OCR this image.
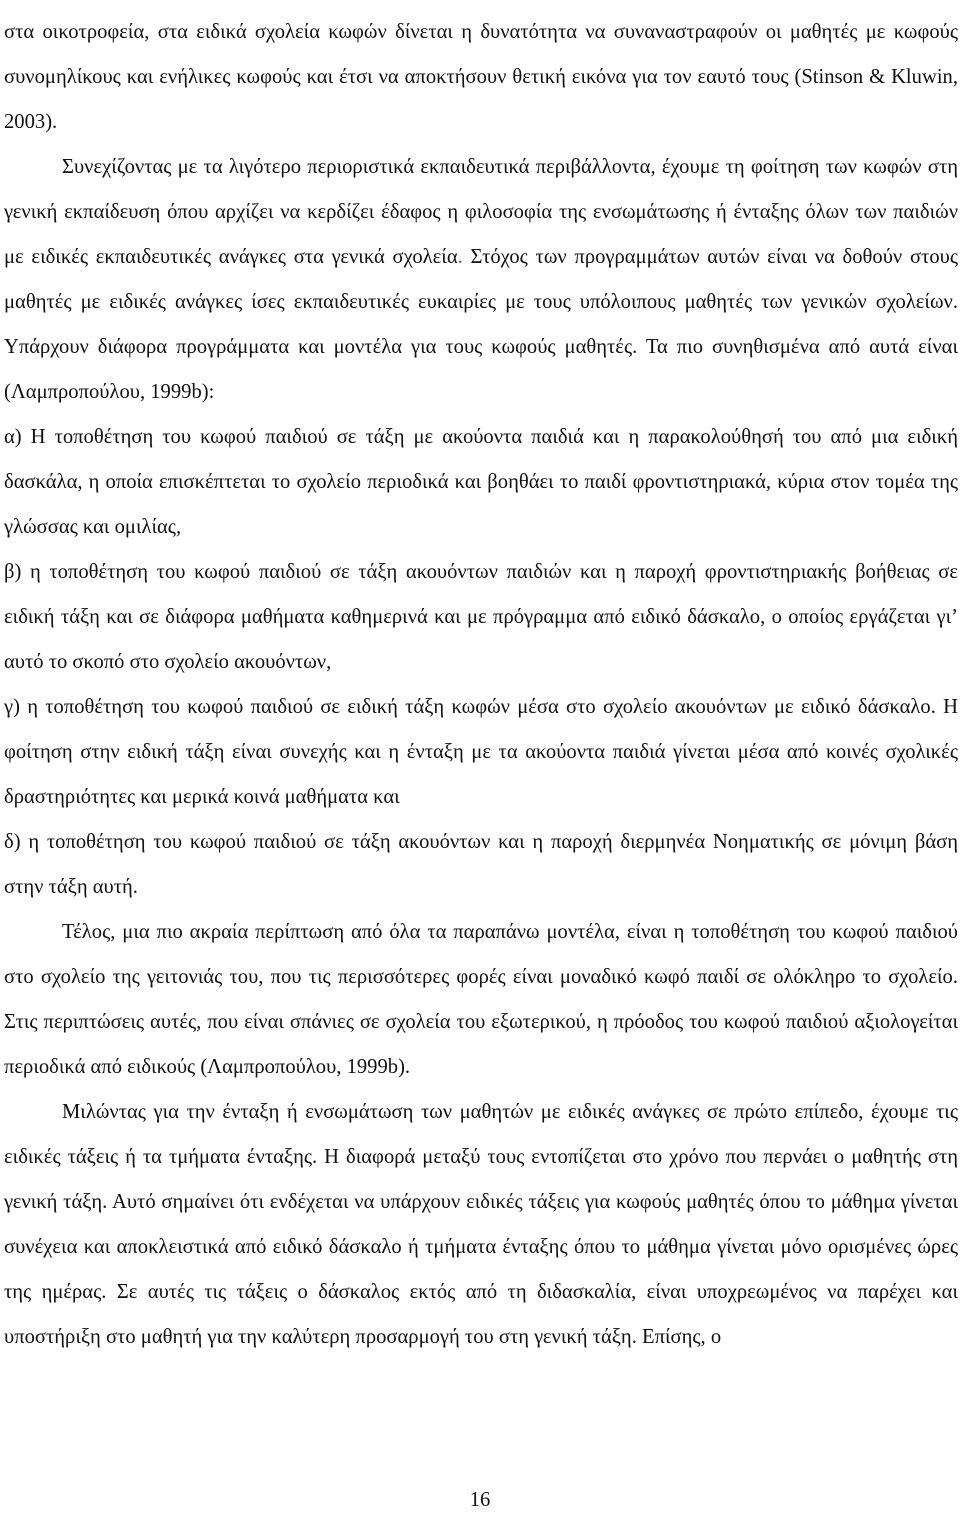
στα οικοτροφεία, στα ειδικά σχολεία κωφών δίνεται η δυνατότητα να συναναστραφούν οι μαθητές με κωφούς συνομηλίκους και ενήλικες κωφούς και έτσι να αποκτήσουν θετική εικόνα για τον εαυτό τους (Stinson & Kluwin, 2003).

Συνεχίζοντας με τα λιγότερο περιοριστικά εκπαιδευτικά περιβάλλοντα, έχουμε τη φοίτηση των κωφών στη γενική εκπαίδευση όπου αρχίζει να κερδίζει έδαφος η φιλοσοφία της ενσωμάτωσης ή ένταξης όλων των παιδιών με ειδικές εκπαιδευτικές ανάγκες στα γενικά σχολεία. Στόχος των προγραμμάτων αυτών είναι να δοθούν στους μαθητές με ειδικές ανάγκες ίσες εκπαιδευτικές ευκαιρίες με τους υπόλοιπους μαθητές των γενικών σχολείων. Υπάρχουν διάφορα προγράμματα και μοντέλα για τους κωφούς μαθητές. Τα πιο συνηθισμένα από αυτά είναι (Λαμπροπούλου, 1999b):

α) Η τοποθέτηση του κωφού παιδιού σε τάξη με ακούοντα παιδιά και η παρακολούθησή του από μια ειδική δασκάλα, η οποία επισκέπτεται το σχολείο περιοδικά και βοηθάει το παιδί φροντιστηριακά, κύρια στον τομέα της γλώσσας και ομιλίας,

β) η τοποθέτηση του κωφού παιδιού σε τάξη ακουόντων παιδιών και η παροχή φροντιστηριακής βοήθειας σε ειδική τάξη και σε διάφορα μαθήματα καθημερινά και με πρόγραμμα από ειδικό δάσκαλο, ο οποίος εργάζεται γι’ αυτό το σκοπό στο σχολείο ακουόντων,

γ) η τοποθέτηση του κωφού παιδιού σε ειδική τάξη κωφών μέσα στο σχολείο ακουόντων με ειδικό δάσκαλο. Η φοίτηση στην ειδική τάξη είναι συνεχής και η ένταξη με τα ακούοντα παιδιά γίνεται μέσα από κοινές σχολικές δραστηριότητες και μερικά κοινά μαθήματα και

δ) η τοποθέτηση του κωφού παιδιού σε τάξη ακουόντων και η παροχή διερμηνέα Νοηματικής σε μόνιμη βάση στην τάξη αυτή.

Τέλος, μια πιο ακραία περίπτωση από όλα τα παραπάνω μοντέλα, είναι η τοποθέτηση του κωφού παιδιού στο σχολείο της γειτονιάς του, που τις περισσότερες φορές είναι μοναδικό κωφό παιδί σε ολόκληρο το σχολείο. Στις περιπτώσεις αυτές, που είναι σπάνιες σε σχολεία του εξωτερικού, η πρόοδος του κωφού παιδιού αξιολογείται περιοδικά από ειδικούς (Λαμπροπούλου, 1999b).

Μιλώντας για την ένταξη ή ενσωμάτωση των μαθητών με ειδικές ανάγκες σε πρώτο επίπεδο, έχουμε τις ειδικές τάξεις ή τα τμήματα ένταξης. Η διαφορά μεταξύ τους εντοπίζεται στο χρόνο που περνάει ο μαθητής στη γενική τάξη. Αυτό σημαίνει ότι ενδέχεται να υπάρχουν ειδικές τάξεις για κωφούς μαθητές όπου το μάθημα γίνεται συνέχεια και αποκλειστικά από ειδικό δάσκαλο ή τμήματα ένταξης όπου το μάθημα γίνεται μόνο ορισμένες ώρες της ημέρας. Σε αυτές τις τάξεις ο δάσκαλος εκτός από τη διδασκαλία, είναι υποχρεωμένος να παρέχει και υποστήριξη στο μαθητή για την καλύτερη προσαρμογή του στη γενική τάξη. Επίσης, ο

16
